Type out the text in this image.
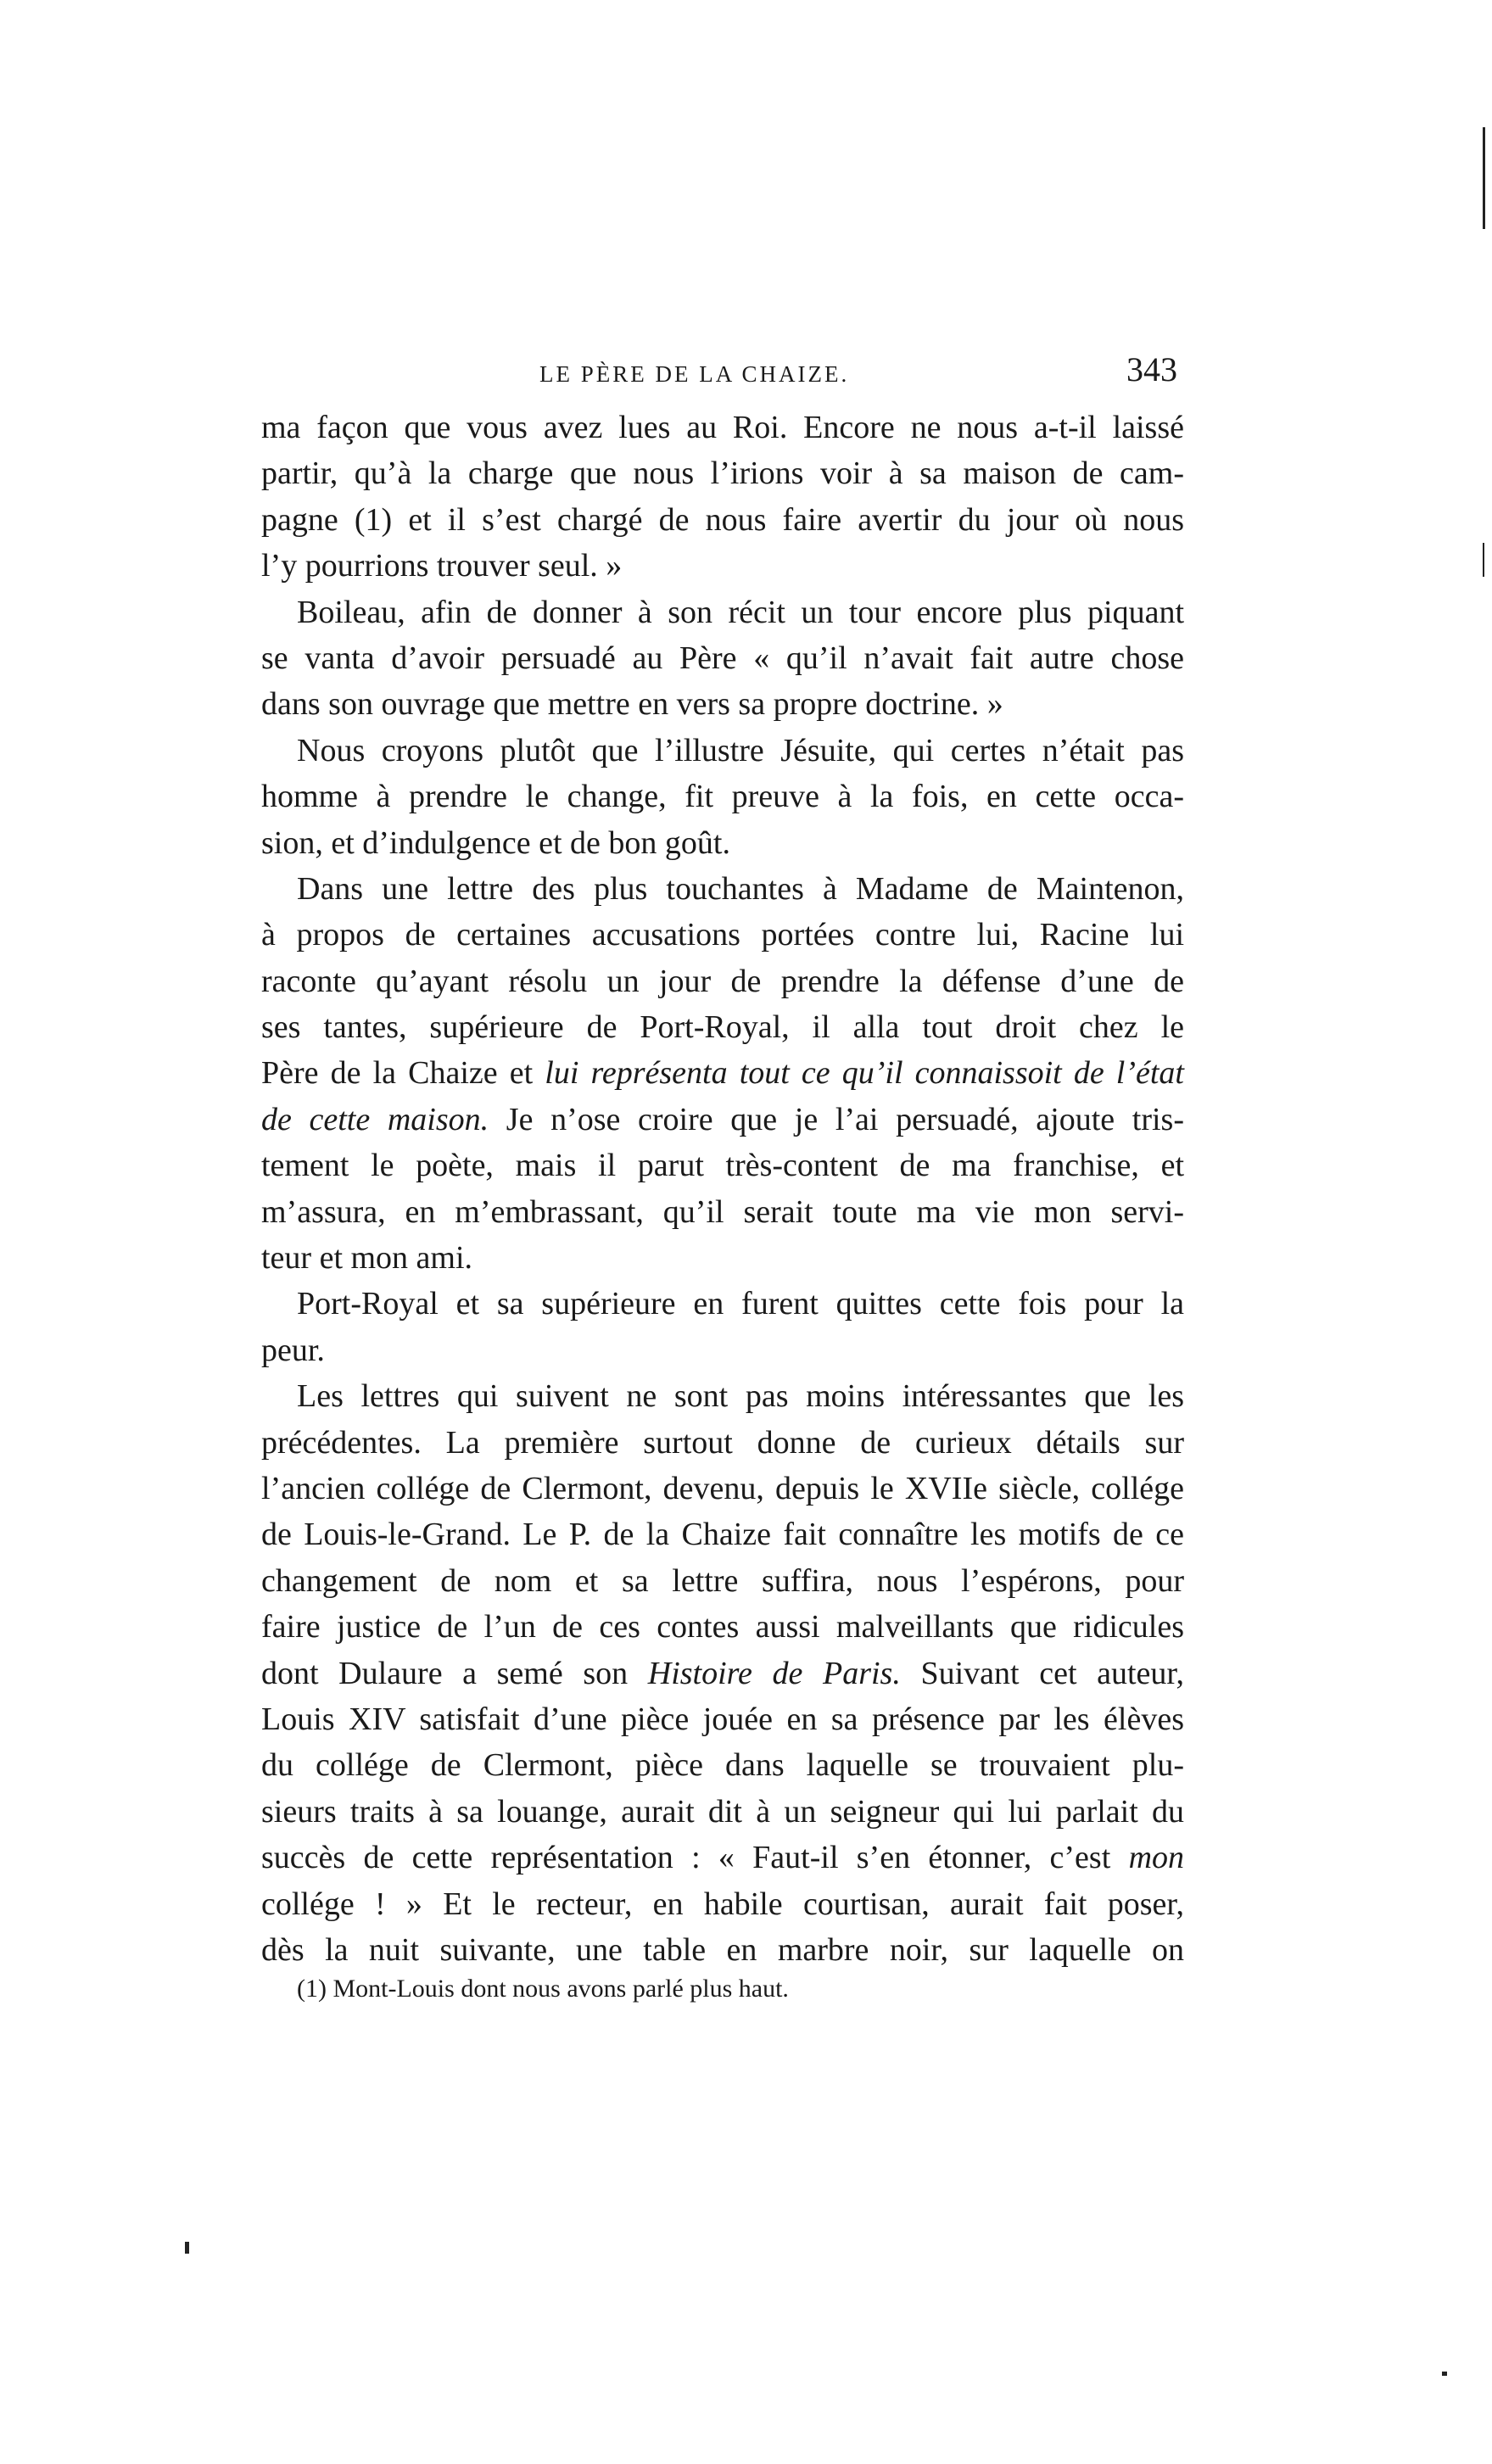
LE PÈRE DE LA CHAIZE.	343
ma façon que vous avez lues au Roi. Encore ne nous a-t-il laissé
partir, qu’à la charge que nous l’irions voir à sa maison de cam-
pagne (1) et il s’est chargé de nous faire avertir du jour où nous
l’y pourrions trouver seul. »
Boileau, afin de donner à son récit un tour encore plus piquant
se vanta d’avoir persuadé au Père « qu’il n’avait fait autre chose
dans son ouvrage que mettre en vers sa propre doctrine. »
Nous croyons plutôt que l’illustre Jésuite, qui certes n’était pas
homme à prendre le change, fit preuve à la fois, en cette occa-
sion, et d’indulgence et de bon goût.
Dans une lettre des plus touchantes à Madame de Maintenon,
à propos de certaines accusations portées contre lui, Racine lui
raconte qu’ayant résolu un jour de prendre la défense d’une de
ses tantes, supérieure de Port-Royal, il alla tout droit chez le
Père de la Chaize et lui représenta tout ce qu’il connaissoit de l’état
de cette maison. Je n’ose croire que je l’ai persuadé, ajoute tris-
tement le poète, mais il parut très-content de ma franchise, et
m’assura, en m’embrassant, qu’il serait toute ma vie mon servi-
teur et mon ami.
Port-Royal et sa supérieure en furent quittes cette fois pour la
peur.
Les lettres qui suivent ne sont pas moins intéressantes que les
précédentes. La première surtout donne de curieux détails sur
l’ancien collége de Clermont, devenu, depuis le XVIIe siècle, collége
de Louis-le-Grand. Le P. de la Chaize fait connaître les motifs de ce
changement de nom et sa lettre suffira, nous l’espérons, pour
faire justice de l’un de ces contes aussi malveillants que ridicules
dont Dulaure a semé son Histoire de Paris. Suivant cet auteur,
Louis XIV satisfait d’une pièce jouée en sa présence par les élèves
du collége de Clermont, pièce dans laquelle se trouvaient plu-
sieurs traits à sa louange, aurait dit à un seigneur qui lui parlait du
succès de cette représentation : « Faut-il s’en étonner, c’est mon
collége ! » Et le recteur, en habile courtisan, aurait fait poser,
dès la nuit suivante, une table en marbre noir, sur laquelle on
(1) Mont-Louis dont nous avons parlé plus haut.
